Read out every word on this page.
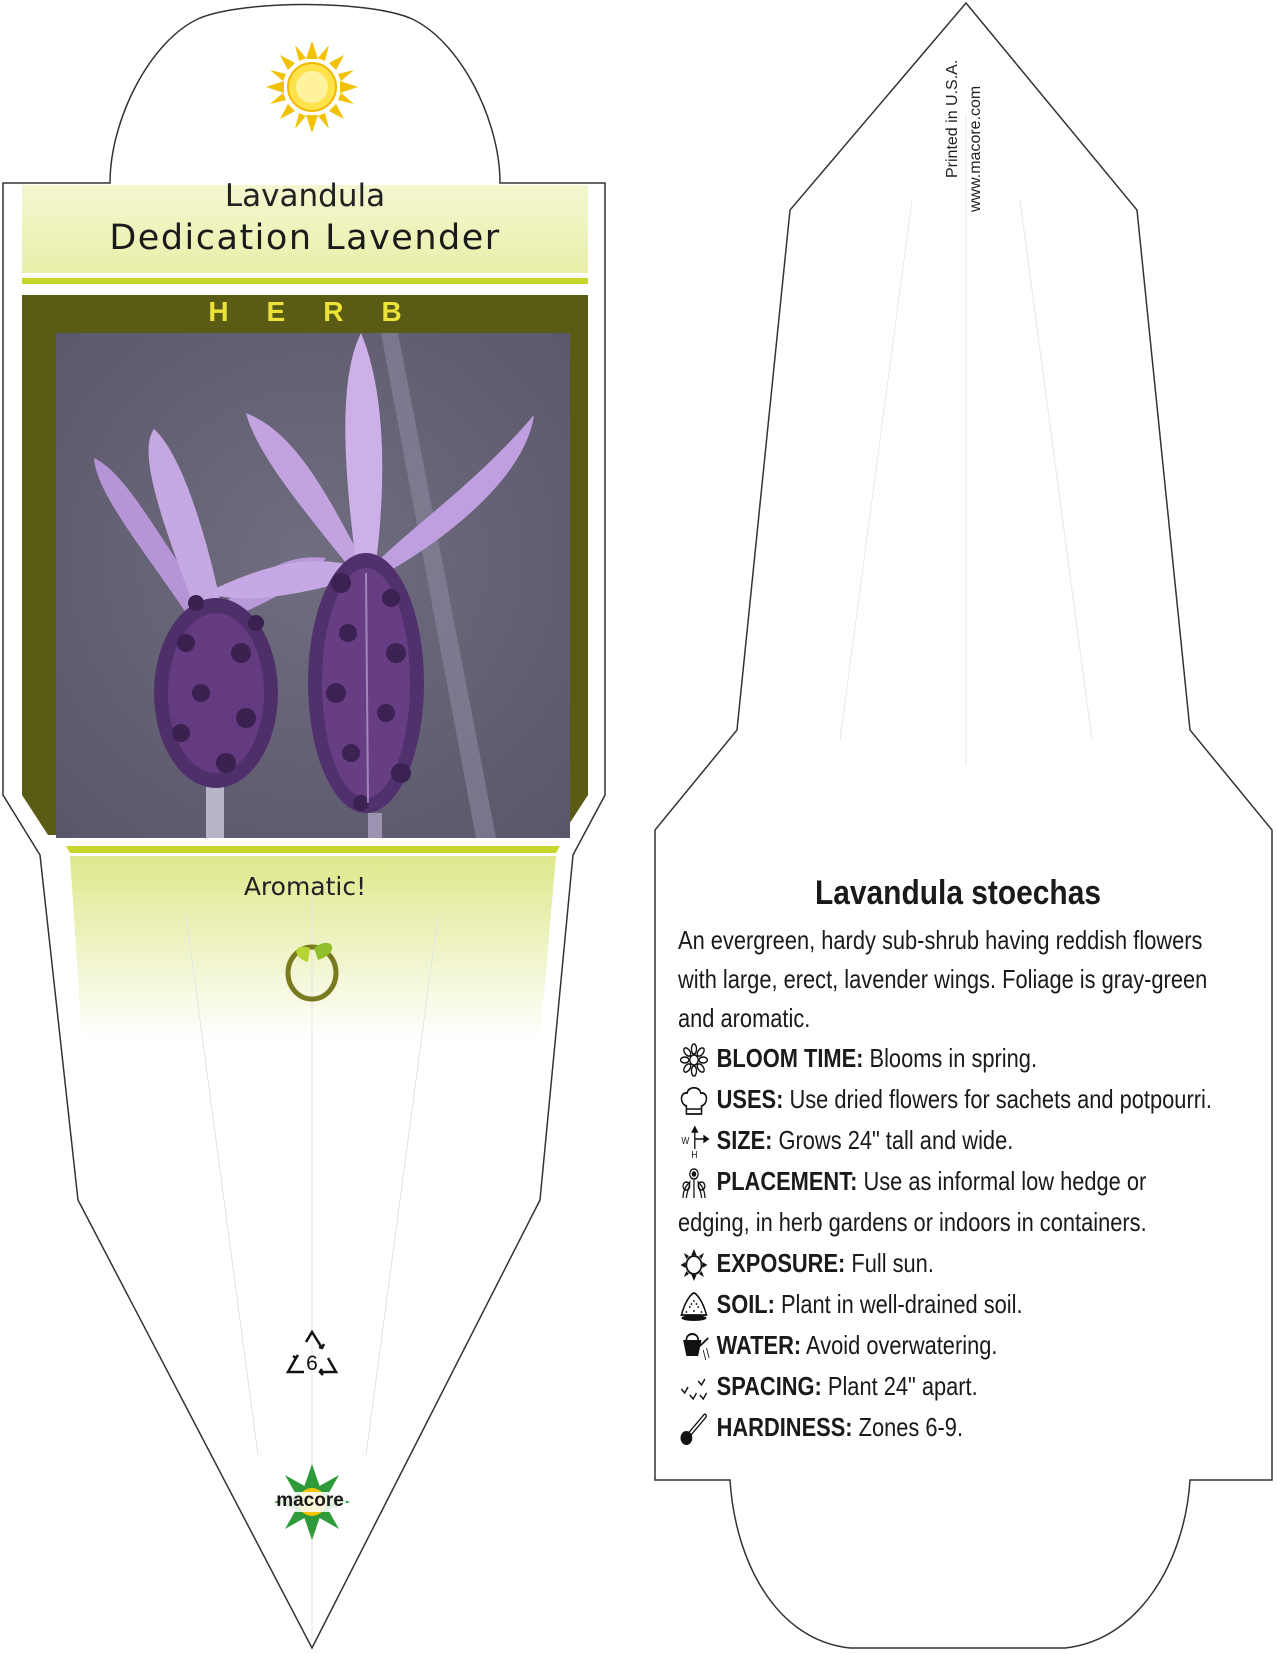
Lavandula
Dedication Lavender
HERB
Aromatic!
6
macore
Printed in U.S.A. www.macore.com
Lavandula stoechas
An evergreen, hardy sub-shrub having reddish flowers with large, erect, lavender wings. Foliage is gray-green and aromatic.
BLOOM TIME: Blooms in spring.
USES: Use dried flowers for sachets and potpourri.
W
H SIZE: Grows 24" tall and wide.
PLACEMENT: Use as informal low hedge or
edging, in herb gardens or indoors in containers.
EXPOSURE: Full sun.
SOIL: Plant in well-drained soil.
WATER: Avoid overwatering.
SPACING: Plant 24" apart.
HARDINESS: Zones 6-9.
